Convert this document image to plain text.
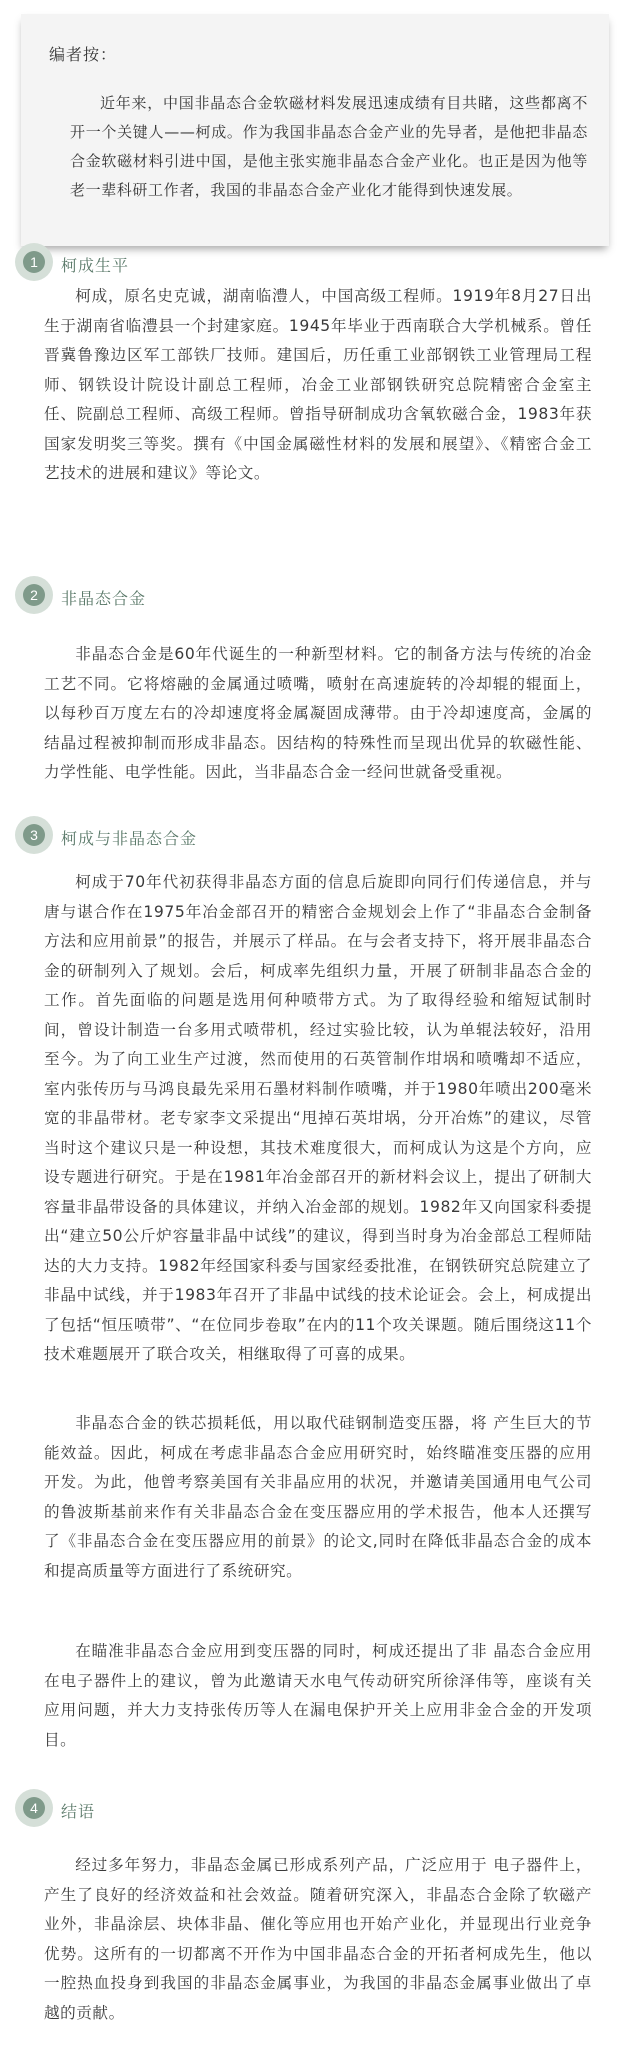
编者按：

近年来，中国非晶态合金软磁材料发展迅速成绩有目共睹，这些都离不开一个关键人——柯成。作为我国非晶态合金产业的先导者，是他把非晶态合金软磁材料引进中国，是他主张实施非晶态合金产业化。也正是因为他等老一辈科研工作者，我国的非晶态合金产业化才能得到快速发展。

1	柯成生平

柯成，原名史克诚，湖南临澧人，中国高级工程师。1919年8月27日出生于湖南省临澧县一个封建家庭。1945年毕业于西南联合大学机械系。曾任晋冀鲁豫边区军工部铁厂技师。建国后，历任重工业部钢铁工业管理局工程师、钢铁设计院设计副总工程师，冶金工业部钢铁研究总院精密合金室主任、院副总工程师、高级工程师。曾指导研制成功含氧软磁合金，1983年获国家发明奖三等奖。撰有《中国金属磁性材料的发展和展望》、《精密合金工艺技术的进展和建议》等论文。

2	非晶态合金

非晶态合金是60年代诞生的一种新型材料。它的制备方法与传统的冶金工艺不同。它将熔融的金属通过喷嘴，喷射在高速旋转的冷却辊的辊面上，以每秒百万度左右的冷却速度将金属凝固成薄带。由于冷却速度高，金属的结晶过程被抑制而形成非晶态。因结构的特殊性而呈现出优异的软磁性能、力学性能、电学性能。因此，当非晶态合金一经问世就备受重视。

3	柯成与非晶态合金

柯成于70年代初获得非晶态方面的信息后旋即向同行们传递信息，并与唐与谌合作在1975年冶金部召开的精密合金规划会上作了“非晶态合金制备方法和应用前景”的报告，并展示了样品。在与会者支持下，将开展非晶态合金的研制列入了规划。会后，柯成率先组织力量，开展了研制非晶态合金的工作。首先面临的问题是选用何种喷带方式。为了取得经验和缩短试制时间，曾设计制造一台多用式喷带机，经过实验比较，认为单辊法较好，沿用至今。为了向工业生产过渡，然而使用的石英管制作坩埚和喷嘴却不适应，室内张传历与马鸿良最先采用石墨材料制作喷嘴，并于1980年喷出200毫米宽的非晶带材。老专家李文采提出“甩掉石英坩埚，分开冶炼”的建议，尽管当时这个建议只是一种设想，其技术难度很大，而柯成认为这是个方向，应设专题进行研究。于是在1981年冶金部召开的新材料会议上，提出了研制大容量非晶带设备的具体建议，并纳入冶金部的规划。1982年又向国家科委提出“建立50公斤炉容量非晶中试线”的建议，得到当时身为冶金部总工程师陆达的大力支持。1982年经国家科委与国家经委批准，在钢铁研究总院建立了非晶中试线，并于1983年召开了非晶中试线的技术论证会。会上，柯成提出了包括“恒压喷带”、“在位同步卷取”在内的11个攻关课题。随后围绕这11个技术难题展开了联合攻关，相继取得了可喜的成果。

非晶态合金的铁芯损耗低，用以取代硅钢制造变压器，将 产生巨大的节能效益。因此，柯成在考虑非晶态合金应用研究时，始终瞄准变压器的应用开发。为此，他曾考察美国有关非晶应用的状况，并邀请美国通用电气公司的鲁波斯基前来作有关非晶态合金在变压器应用的学术报告，他本人还撰写了《非晶态合金在变压器应用的前景》的论文,同时在降低非晶态合金的成本和提高质量等方面进行了系统研究。

在瞄准非晶态合金应用到变压器的同时，柯成还提出了非 晶态合金应用在电子器件上的建议，曾为此邀请天水电气传动研究所徐泽伟等，座谈有关应用问题，并大力支持张传历等人在漏电保护开关上应用非金合金的开发项目。

4	结语

经过多年努力，非晶态金属已形成系列产品，广泛应用于 电子器件上，产生了良好的经济效益和社会效益。随着研究深入，非晶态合金除了软磁产业外，非晶涂层、块体非晶、催化等应用也开始产业化，并显现出行业竞争优势。这所有的一切都离不开作为中国非晶态合金的开拓者柯成先生，他以一腔热血投身到我国的非晶态金属事业，为我国的非晶态金属事业做出了卓越的贡献。
